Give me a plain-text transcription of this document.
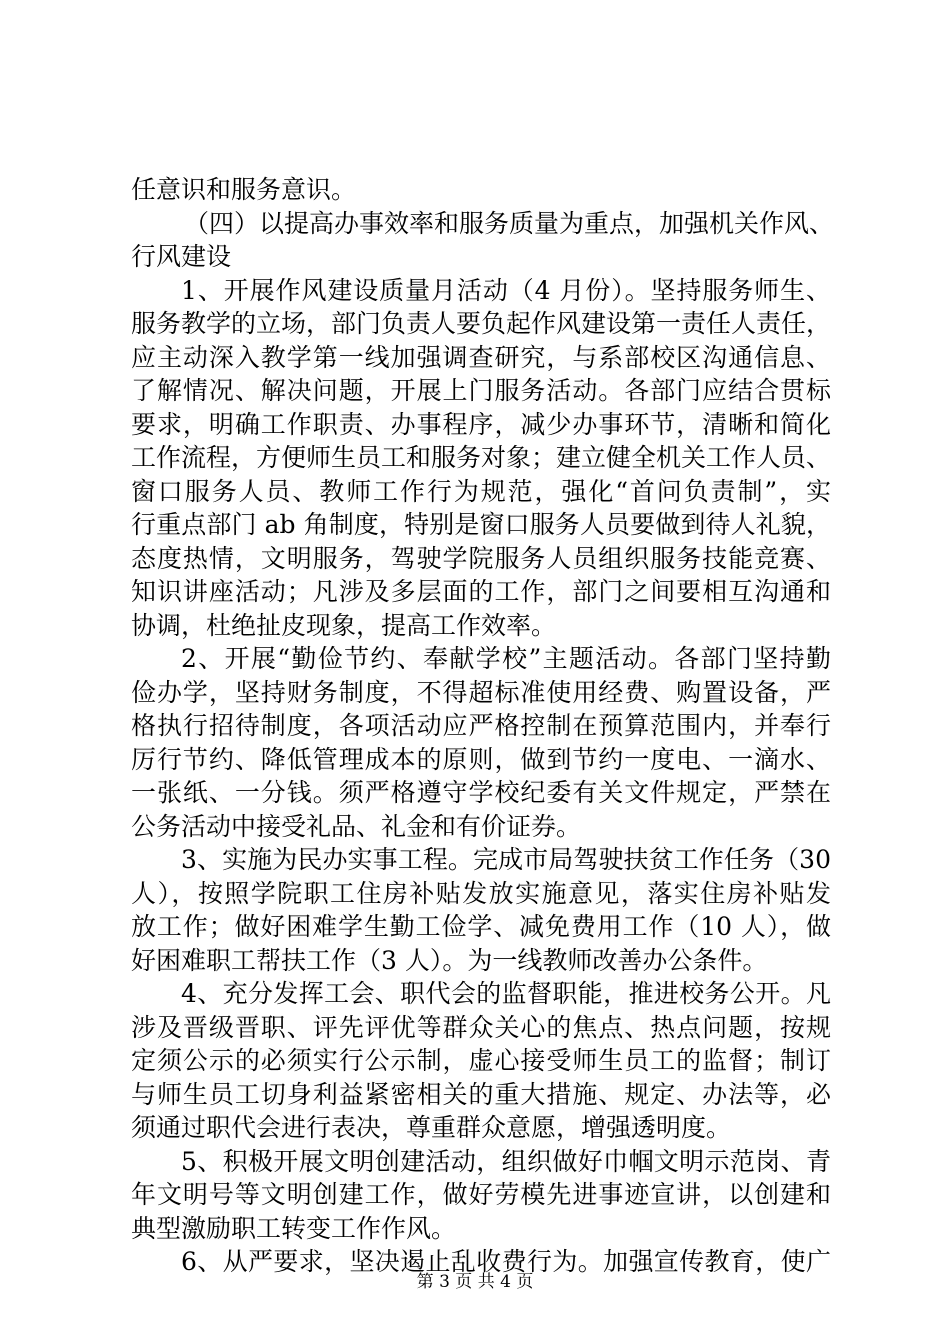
任意识和服务意识。
（四）以提高办事效率和服务质量为重点，加强机关作风、
行风建设
1、开展作风建设质量月活动（4 月份）。坚持服务师生、
服务教学的立场，部门负责人要负起作风建设第一责任人责任，
应主动深入教学第一线加强调查研究，与系部校区沟通信息、
了解情况、解决问题，开展上门服务活动。各部门应结合贯标
要求，明确工作职责、办事程序，减少办事环节，清晰和简化
工作流程，方便师生员工和服务对象；建立健全机关工作人员、
窗口服务人员、教师工作行为规范，强化“首问负责制”，实
行重点部门 ab 角制度，特别是窗口服务人员要做到待人礼貌，
态度热情，文明服务，驾驶学院服务人员组织服务技能竞赛、
知识讲座活动；凡涉及多层面的工作，部门之间要相互沟通和
协调，杜绝扯皮现象，提高工作效率。
2、开展“勤俭节约、奉献学校”主题活动。各部门坚持勤
俭办学，坚持财务制度，不得超标准使用经费、购置设备，严
格执行招待制度，各项活动应严格控制在预算范围内，并奉行
厉行节约、降低管理成本的原则，做到节约一度电、一滴水、
一张纸、一分钱。须严格遵守学校纪委有关文件规定，严禁在
公务活动中接受礼品、礼金和有价证券。
3、实施为民办实事工程。完成市局驾驶扶贫工作任务（30
人），按照学院职工住房补贴发放实施意见，落实住房补贴发
放工作；做好困难学生勤工俭学、减免费用工作（10 人），做
好困难职工帮扶工作（3 人）。为一线教师改善办公条件。
4、充分发挥工会、职代会的监督职能，推进校务公开。凡
涉及晋级晋职、评先评优等群众关心的焦点、热点问题，按规
定须公示的必须实行公示制，虚心接受师生员工的监督；制订
与师生员工切身利益紧密相关的重大措施、规定、办法等，必
须通过职代会进行表决，尊重群众意愿，增强透明度。
5、积极开展文明创建活动，组织做好巾帼文明示范岗、青
年文明号等文明创建工作，做好劳模先进事迹宣讲，以创建和
典型激励职工转变工作作风。
6、从严要求，坚决遏止乱收费行为。加强宣传教育，使广
第 3 页 共 4 页
